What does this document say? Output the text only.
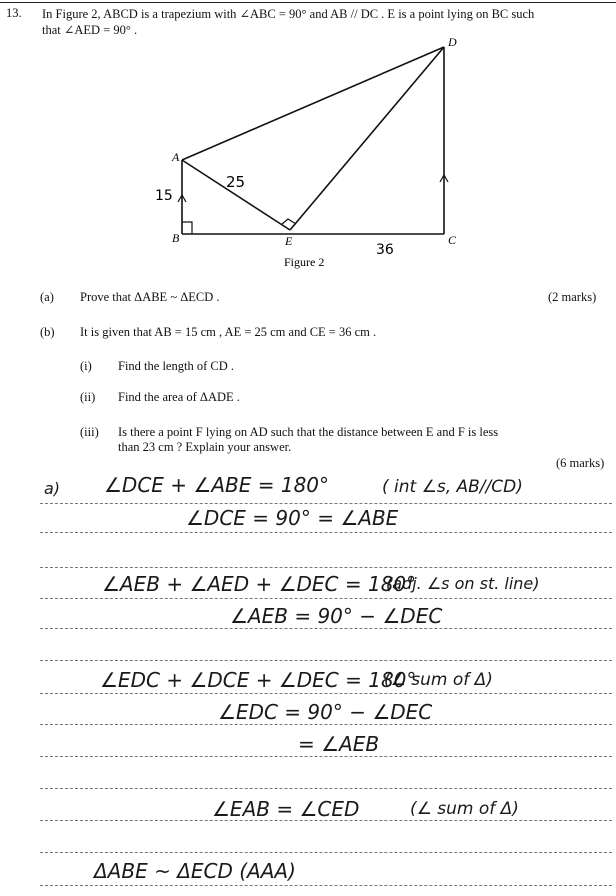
13. In Figure 2, ABCD is a trapezium with ∠ABC = 90° and AB // DC . E is a point lying on BC such
that ∠AED = 90° .
D
A
B	E	C
15
25
36
Figure 2
(a) Prove that ΔABE ~ ΔECD .	(2 marks)
(b) It is given that AB = 15 cm , AE = 25 cm and CE = 36 cm .
(i) Find the length of CD .
(ii) Find the area of ΔADE .
(iii) Is there a point F lying on AD such that the distance between E and F is less
than 23 cm ? Explain your answer.
(6 marks)
a) ∠DCE + ∠ABE = 180°	( int ∠s, AB//CD)
∠DCE = 90° = ∠ABE
∠AEB + ∠AED + ∠DEC = 180°
(adj. ∠s on st. line)
∠AEB = 90° − ∠DEC
∠EDC + ∠DCE + ∠DEC = 180°
(∠ sum of Δ)
∠EDC = 90° − ∠DEC
= ∠AEB
∠EAB = ∠CED	(∠ sum of Δ)
ΔABE ~ ΔECD (AAA)
